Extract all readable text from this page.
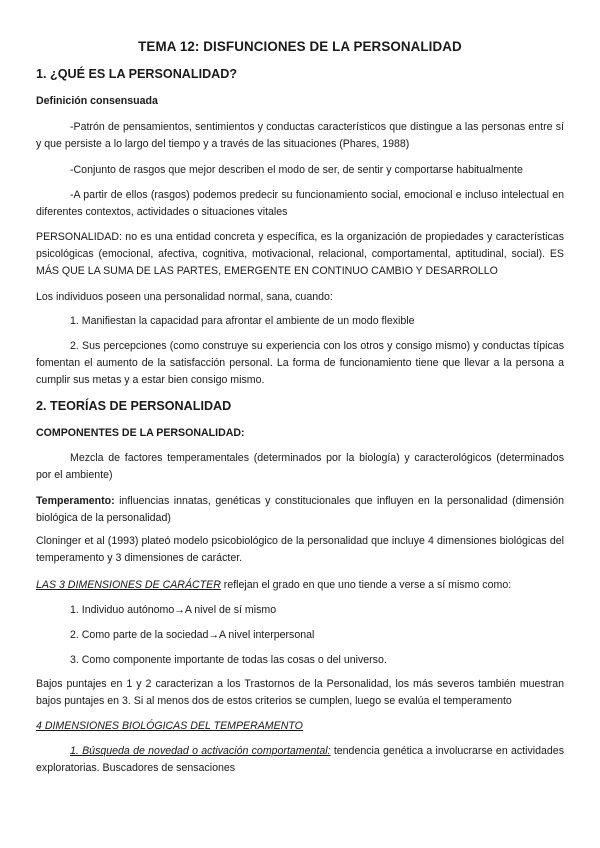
TEMA 12: DISFUNCIONES DE LA PERSONALIDAD
1. ¿QUÉ ES LA PERSONALIDAD?
Definición consensuada
-Patrón de pensamientos, sentimientos y conductas característicos que distingue a las personas entre sí y que persiste a lo largo del tiempo y a través de las situaciones (Phares, 1988)
-Conjunto de rasgos que mejor describen el modo de ser, de sentir y comportarse habitualmente
-A partir de ellos (rasgos) podemos predecir su funcionamiento social, emocional e incluso intelectual en diferentes contextos, actividades o situaciones vitales
PERSONALIDAD: no es una entidad concreta y específica, es la organización de propiedades y características psicológicas (emocional, afectiva, cognitiva, motivacional, relacional, comportamental, aptitudinal, social). ES MÁS QUE LA SUMA DE LAS PARTES, EMERGENTE EN CONTINUO CAMBIO Y DESARROLLO
Los individuos poseen una personalidad normal, sana, cuando:
1. Manifiestan la capacidad para afrontar el ambiente de un modo flexible
2. Sus percepciones (como construye su experiencia con los otros y consigo mismo) y conductas típicas fomentan el aumento de la satisfacción personal. La forma de funcionamiento tiene que llevar a la persona a cumplir sus metas y a estar bien consigo mismo.
2. TEORÍAS DE PERSONALIDAD
COMPONENTES DE LA PERSONALIDAD:
Mezcla de factores temperamentales (determinados por la biología) y caracterológicos (determinados por el ambiente)
Temperamento: influencias innatas, genéticas y constitucionales que influyen en la personalidad (dimensión biológica de la personalidad)
Cloninger et al (1993) plateó modelo psicobiológico de la personalidad que incluye 4 dimensiones biológicas del temperamento y 3 dimensiones de carácter.
LAS 3 DIMENSIONES DE CARÁCTER reflejan el grado en que uno tiende a verse a sí mismo como:
1. Individuo autónomo→A nivel de sí mismo
2. Como parte de la sociedad→A nivel interpersonal
3. Como componente importante de todas las cosas o del universo.
Bajos puntajes en 1 y 2 caracterizan a los Trastornos de la Personalidad, los más severos también muestran bajos puntajes en 3. Si al menos dos de estos criterios se cumplen, luego se evalúa el temperamento
4 DIMENSIONES BIOLÓGICAS DEL TEMPERAMENTO
1. Búsqueda de novedad o activación comportamental: tendencia genética a involucrarse en actividades exploratorias. Buscadores de sensaciones
